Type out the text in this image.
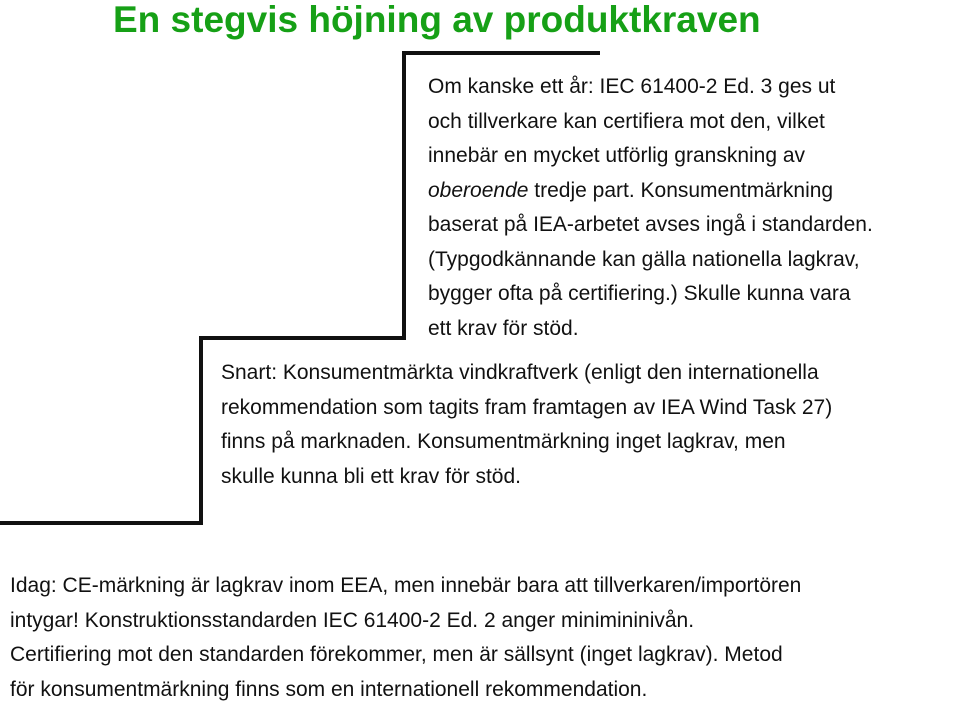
En stegvis höjning av produktkraven
Om kanske ett år: IEC 61400-2 Ed. 3 ges ut
och tillverkare kan certifiera mot den, vilket
innebär en mycket utförlig granskning av
oberoende tredje part. Konsumentmärkning
baserat på IEA-arbetet avses ingå i standarden.
(Typgodkännande kan gälla nationella lagkrav,
bygger ofta på certifiering.) Skulle kunna vara
ett krav för stöd.
Snart: Konsumentmärkta vindkraftverk (enligt den internationella
rekommendation som tagits fram framtagen av IEA Wind Task 27)
finns på marknaden. Konsumentmärkning inget lagkrav, men
skulle kunna bli ett krav för stöd.
Idag: CE-märkning är lagkrav inom EEA, men innebär bara att tillverkaren/importören
intygar! Konstruktionsstandarden IEC 61400-2 Ed. 2 anger minimininivån.
Certifiering mot den standarden förekommer, men är sällsynt (inget lagkrav). Metod
för konsumentmärkning finns som en internationell rekommendation.
